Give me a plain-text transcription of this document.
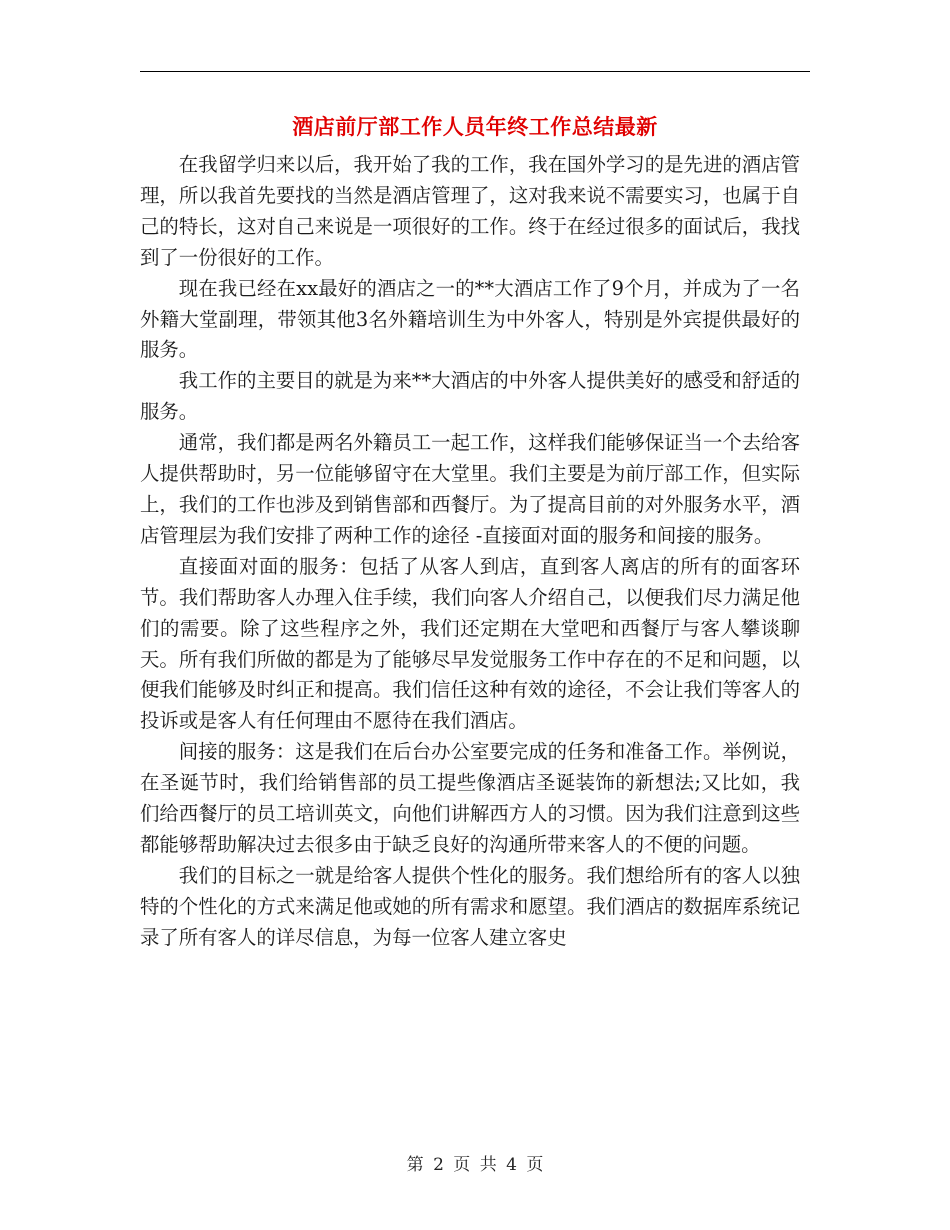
酒店前厅部工作人员年终工作总结最新

在我留学归来以后，我开始了我的工作，我在国外学习的是先进的酒店管理，所以我首先要找的当然是酒店管理了，这对我来说不需要实习，也属于自己的特长，这对自己来说是一项很好的工作。终于在经过很多的面试后，我找到了一份很好的工作。

现在我已经在xx最好的酒店之一的**大酒店工作了9个月，并成为了一名外籍大堂副理，带领其他3名外籍培训生为中外客人，特别是外宾提供最好的服务。

我工作的主要目的就是为来**大酒店的中外客人提供美好的感受和舒适的服务。

通常，我们都是两名外籍员工一起工作，这样我们能够保证当一个去给客人提供帮助时，另一位能够留守在大堂里。我们主要是为前厅部工作，但实际上，我们的工作也涉及到销售部和西餐厅。为了提高目前的对外服务水平，酒店管理层为我们安排了两种工作的途径 -直接面对面的服务和间接的服务。

直接面对面的服务：包括了从客人到店，直到客人离店的所有的面客环节。我们帮助客人办理入住手续，我们向客人介绍自己，以便我们尽力满足他们的需要。除了这些程序之外，我们还定期在大堂吧和西餐厅与客人攀谈聊天。所有我们所做的都是为了能够尽早发觉服务工作中存在的不足和问题，以便我们能够及时纠正和提高。我们信任这种有效的途径，不会让我们等客人的投诉或是客人有任何理由不愿待在我们酒店。

间接的服务：这是我们在后台办公室要完成的任务和准备工作。举例说，在圣诞节时，我们给销售部的员工提些像酒店圣诞装饰的新想法;又比如，我们给西餐厅的员工培训英文，向他们讲解西方人的习惯。因为我们注意到这些都能够帮助解决过去很多由于缺乏良好的沟通所带来客人的不便的问题。

我们的目标之一就是给客人提供个性化的服务。我们想给所有的客人以独特的个性化的方式来满足他或她的所有需求和愿望。我们酒店的数据库系统记录了所有客人的详尽信息，为每一位客人建立客史

第 2 页 共 4 页
